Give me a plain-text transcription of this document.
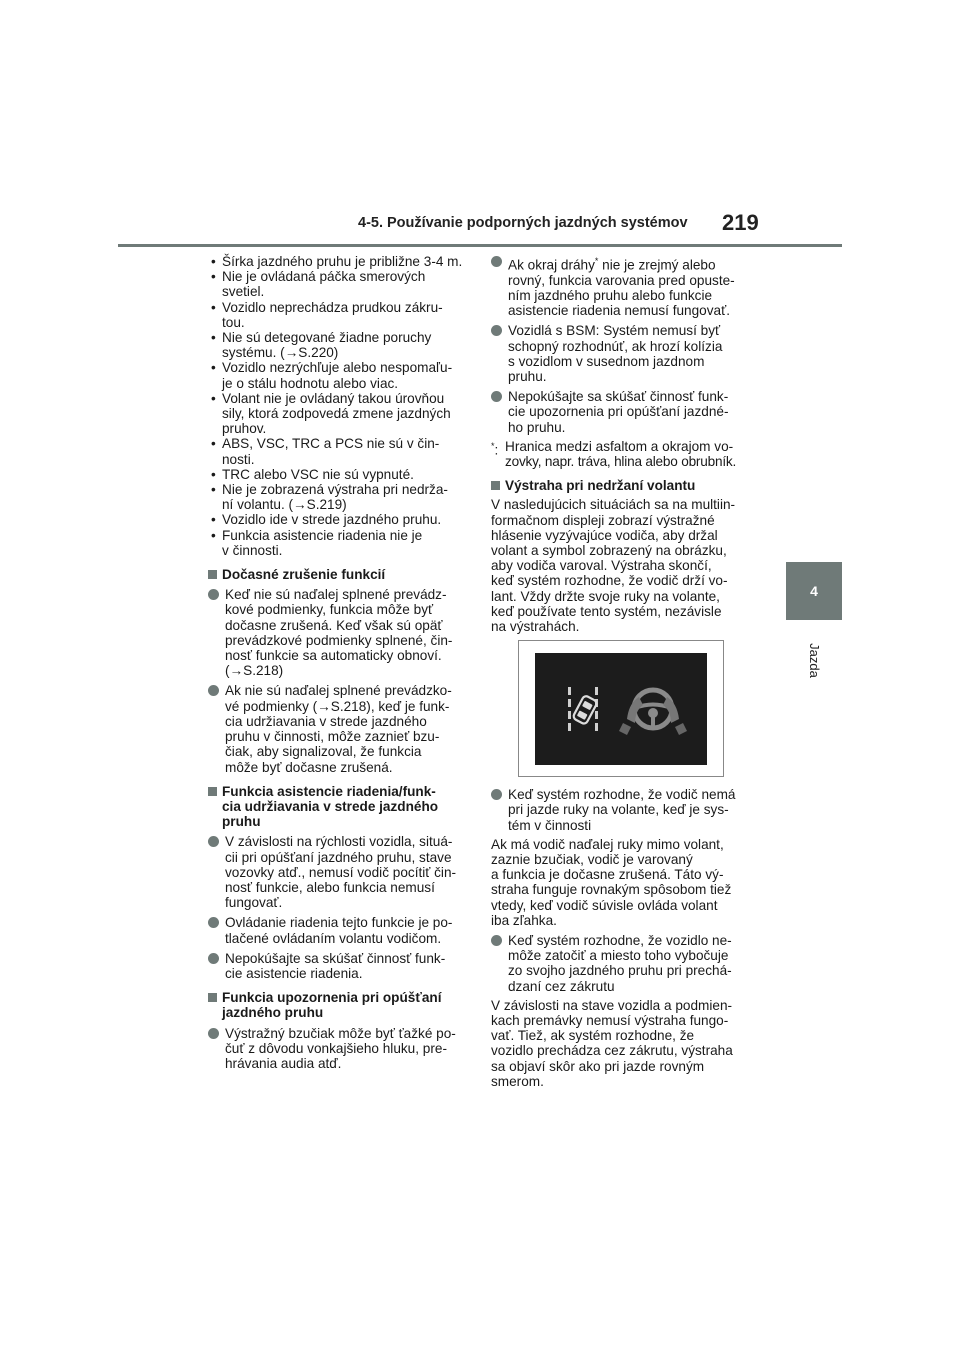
4-5. Používanie podporných jazdných systémov	219
4
Jazda

• Šírka jazdného pruhu je približne 3-4 m.

• Nie je ovládaná páčka smerových
svetiel.

• Vozidlo neprechádza prudkou zákru-
tou.

• Nie sú detegované žiadne poruchy
systému. (→S.220)

• Vozidlo nezrýchľuje alebo nespomaľu-
je o stálu hodnotu alebo viac.

• Volant nie je ovládaný takou úrovňou
sily, ktorá zodpovedá zmene jazdných
pruhov.

• ABS, VSC, TRC a PCS nie sú v čin-
nosti.

• TRC alebo VSC nie sú vypnuté.

• Nie je zobrazená výstraha pri nedrža-
ní volantu. (→S.219)

• Vozidlo ide v strede jazdného pruhu.

• Funkcia asistencie riadenia nie je
v činnosti.

Dočasné zrušenie funkcií
Keď nie sú naďalej splnené prevádz-
kové podmienky, funkcia môže byť
dočasne zrušená. Keď však sú opäť
prevádzkové podmienky splnené, čin-
nosť funkcie sa automaticky obnoví.
(→S.218)
Ak nie sú naďalej splnené prevádzko-
vé podmienky (→S.218), keď je funk-
cia udržiavania v strede jazdného
pruhu v činnosti, môže zaznieť bzu-
čiak, aby signalizoval, že funkcia
môže byť dočasne zrušená.
Funkcia asistencie riadenia/funk-
cia udržiavania v strede jazdného
pruhu
V závislosti na rýchlosti vozidla, situá-
cii pri opúšťaní jazdného pruhu, stave
vozovky atď., nemusí vodič pocítiť čin-
nosť funkcie, alebo funkcia nemusí
fungovať.
Ovládanie riadenia tejto funkcie je po-
tlačené ovládaním volantu vodičom.
Nepokúšajte sa skúšať činnosť funk-
cie asistencie riadenia.
Funkcia upozornenia pri opúšťaní
jazdného pruhu
Výstražný bzučiak môže byť ťažké po-
čuť z dôvodu vonkajšieho hluku, pre-
hrávania audia atď.
Ak okraj dráhy* nie je zrejmý alebo
rovný, funkcia varovania pred opuste-
ním jazdného pruhu alebo funkcie
asistencie riadenia nemusí fungovať.
Vozidlá s BSM: Systém nemusí byť
schopný rozhodnúť, ak hrozí kolízia
s vozidlom v susednom jazdnom
pruhu.
Nepokúšajte sa skúšať činnosť funk-
cie upozornenia pri opúšťaní jazdné-
ho pruhu.
*: Hranica medzi asfaltom a okrajom vo-
zovky, napr. tráva, hlina alebo obrubník.
Výstraha pri nedržaní volantu

V nasledujúcich situáciách sa na multiin-
formačnom displeji zobrazí výstražné
hlásenie vyzývajúce vodiča, aby držal
volant a symbol zobrazený na obrázku,
aby vodiča varoval. Výstraha skončí,
keď systém rozhodne, že vodič drží vo-
lant. Vždy držte svoje ruky na volante,
keď používate tento systém, nezávisle
na výstrahách.

Keď systém rozhodne, že vodič nemá
pri jazde ruky na volante, keď je sys-
tém v činnosti

Ak má vodič naďalej ruky mimo volant,
zaznie bzučiak, vodič je varovaný
a funkcia je dočasne zrušená. Táto vý-
straha funguje rovnakým spôsobom tiež
vtedy, keď vodič súvisle ovláda volant
iba zľahka.

Keď systém rozhodne, že vozidlo ne-
môže zatočiť a miesto toho vybočuje
zo svojho jazdného pruhu pri prechá-
dzaní cez zákrutu

V závislosti na stave vozidla a podmien-
kach premávky nemusí výstraha fungo-
vať. Tiež, ak systém rozhodne, že
vozidlo prechádza cez zákrutu, výstraha
sa objaví skôr ako pri jazde rovným
smerom.
